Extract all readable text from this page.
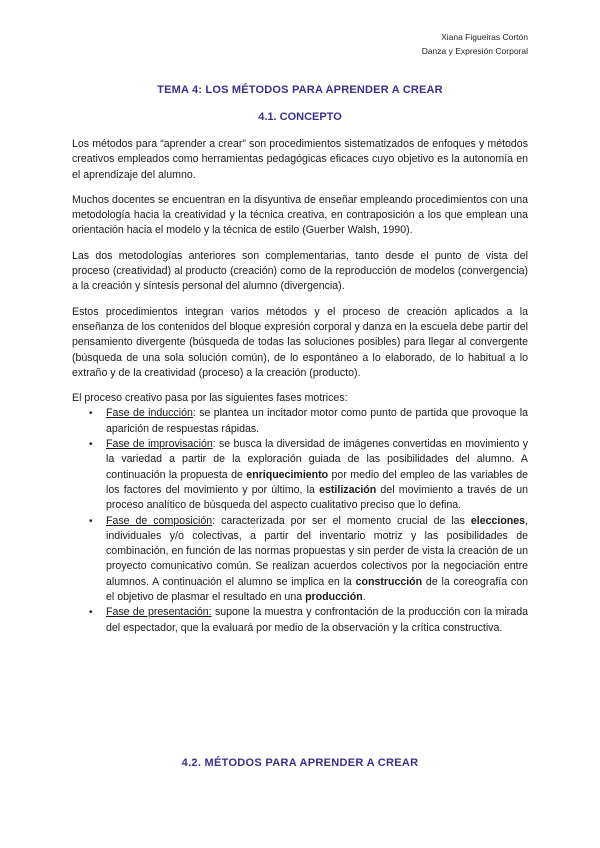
Xiana Figueiras Cortón
Danza y Expresión Corporal
TEMA 4: LOS MÉTODOS PARA APRENDER A CREAR
4.1. CONCEPTO

Los métodos para “aprender a crear” son procedimientos sistematizados de enfoques y métodos creativos empleados como herramientas pedagógicas eficaces cuyo objetivo es la autonomía en el aprendizaje del alumno.

Muchos docentes se encuentran en la disyuntiva de enseñar empleando procedimientos con una metodología hacia la creatividad y la técnica creativa, en contraposición a los que emplean una orientación hacia el modelo y la técnica de estilo (Guerber Walsh, 1990).

Las dos metodologías anteriores son complementarias, tanto desde el punto de vista del proceso (creatividad) al producto (creación) como de la reproducción de modelos (convergencia) a la creación y síntesis personal del alumno (divergencia).

Estos procedimientos integran varios métodos y el proceso de creación aplicados a la enseñanza de los contenidos del bloque expresión corporal y danza en la escuela debe partir del pensamiento divergente (búsqueda de todas las soluciones posibles) para llegar al convergente (búsqueda de una sola solución común), de lo espontáneo a lo elaborado, de lo habitual a lo extraño y de la creatividad (proceso) a la creación (producto).

El proceso creativo pasa por las siguientes fases motrices:

• Fase de inducción: se plantea un incitador motor como punto de partida que provoque la aparición de respuestas rápidas.
• Fase de improvisación: se busca la diversidad de imágenes convertidas en movimiento y la variedad a partir de la exploración guiada de las posibilidades del alumno. A continuación la propuesta de enriquecimiento por medio del empleo de las variables de los factores del movimiento y por último, la estilización del movimiento a través de un proceso analítico de búsqueda del aspecto cualitativo preciso que lo defina.
• Fase de composición: caracterizada por ser el momento crucial de las elecciones, individuales y/o colectivas, a partir del inventario motriz y las posibilidades de combinación, en función de las normas propuestas y sin perder de vista la creación de un proyecto comunicativo común. Se realizan acuerdos colectivos por la negociación entre alumnos. A continuación el alumno se implica en la construcción de la coreografía con el objetivo de plasmar el resultado en una producción.
• Fase de presentación: supone la muestra y confrontación de la producción con la mirada del espectador, que la evaluará por medio de la observación y la crítica constructiva.
4.2. MÉTODOS PARA APRENDER A CREAR
